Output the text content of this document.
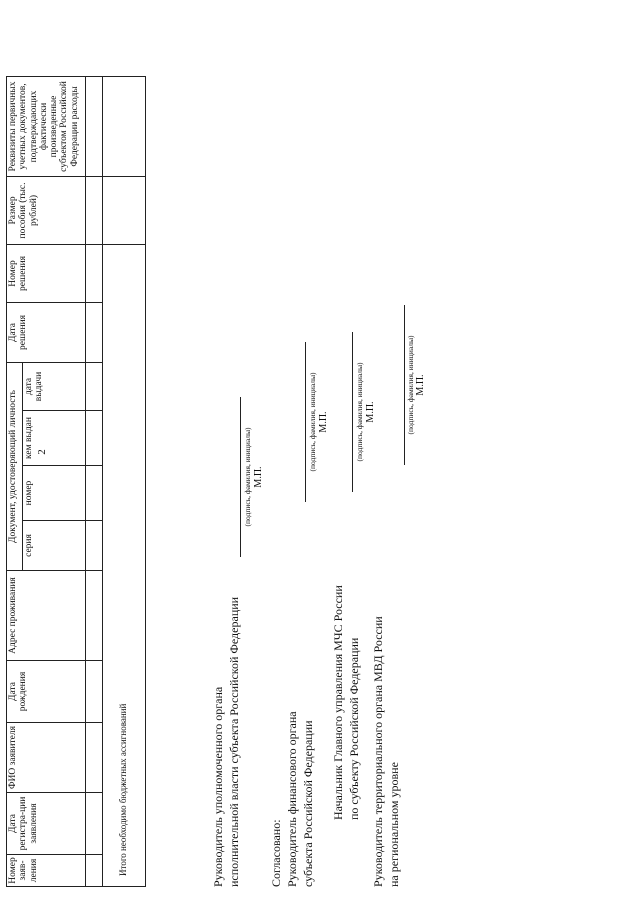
2
Номер заяв-ления	Дата регистра-ции заявления	ФИО заявителя	Дата рождения	Адрес проживания	Документ, удостоверяющий личность				Дата решения	Номер решения	Размер пособия (тыс. рублей)	Реквизиты первичных учетных документов, подтверждающих фактически произведенные субъектом Российской Федерации расходы
					серия	номер	кем выдан	дата выдачи				

Итого необходимо бюджетных ассигнований													Руководитель уполномоченного органа исполнительной власти субъекта Российской Федерации
(подпись, фамилия, инициалы) М.П.
Согласовано: Руководитель финансового органа субъекта Российской Федерации
(подпись, фамилия, инициалы) М.П.
Начальник Главного управления МЧС России по субъекту Российской Федерации
(подпись, фамилия, инициалы) М.П.
Руководитель территориального органа МВД России на региональном уровне
(подпись, фамилия, инициалы) М.П.
